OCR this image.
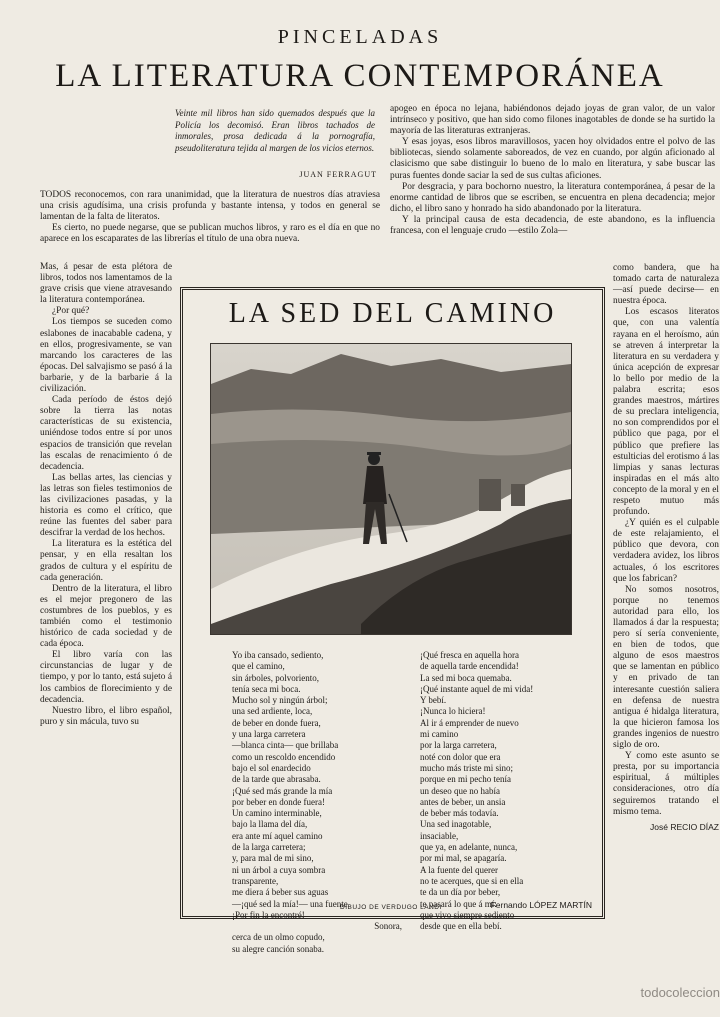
PINCELADAS
LA LITERATURA CONTEMPORÁNEA
Veinte mil libros han sido quemados después que la Policía los decomisó. Eran libros tachados de inmorales, prosa dedicada á la pornografía, pseudoliteratura tejida al margen de los vicios eternos.
JUAN FERRAGUT

TODOS reconocemos, con rara unanimidad, que la literatura de nuestros días atraviesa una crisis agudísima, una crisis profunda y bastante intensa, y todos en general se lamentan de la falta de literatos.

Es cierto, no puede negarse, que se publican muchos libros, y raro es el día en que no aparece en los escaparates de las librerías el título de una obra nueva.

apogeo en época no lejana, habiéndonos dejado joyas de gran valor, de un valor intrínseco y positivo, que han sido como filones inagotables de donde se ha surtido la mayoría de las literaturas extranjeras.

Y esas joyas, esos libros maravillosos, yacen hoy olvidados entre el polvo de las bibliotecas, siendo solamente saboreados, de vez en cuando, por algún aficionado al clasicismo que sabe distinguir lo bueno de lo malo en literatura, y sabe buscar las puras fuentes donde saciar la sed de sus cultas aficiones.

Por desgracia, y para bochorno nuestro, la literatura contemporánea, á pesar de la enorme cantidad de libros que se escriben, se encuentra en plena decadencia; mejor dicho, el libro sano y honrado ha sido abandonado por la literatura.

Y la principal causa de esta decadencia, de este abandono, es la influencia francesa, con el lenguaje crudo —estilo Zola—

Mas, á pesar de esta plétora de libros, todos nos lamentamos de la grave crisis que viene atravesando la literatura contemporánea.

¿Por qué?

Los tiempos se suceden como eslabones de inacabable cadena, y en ellos, progresivamente, se van marcando los caracteres de las épocas. Del salvajismo se pasó á la barbarie, y de la barbarie á la civilización.

Cada período de éstos dejó sobre la tierra las notas características de su existencia, uniéndose todos entre sí por unos espacios de transición que revelan las escalas de renacimiento ó de decadencia.

Las bellas artes, las ciencias y las letras son fieles testimonios de las civilizaciones pasadas, y la historia es como el crítico, que reúne las fuentes del saber para descifrar la verdad de los hechos.

La literatura es la estética del pensar, y en ella resaltan los grados de cultura y el espíritu de cada generación.

Dentro de la literatura, el libro es el mejor pregonero de las costumbres de los pueblos, y es también como el testimonio histórico de cada sociedad y de cada época.

El libro varía con las circunstancias de lugar y de tiempo, y por lo tanto, está sujeto á los cambios de florecimiento y de decadencia.

Nuestro libro, el libro español, puro y sin mácula, tuvo su

como bandera, que ha tomado carta de naturaleza —así puede decirse— en nuestra época.

Los escasos literatos que, con una valentía rayana en el heroísmo, aún se atreven á interpretar la literatura en su verdadera y única acepción de expresar lo bello por medio de la palabra escrita; esos grandes maestros, mártires de su preclara inteligencia, no son comprendidos por el público que paga, por el público que prefiere las estulticias del erotismo á las limpias y sanas lecturas inspiradas en el más alto concepto de la moral y en el respeto mutuo más profundo.

¿Y quién es el culpable de este relajamiento, el público que devora, con verdadera avidez, los libros actuales, ó los escritores que los fabrican?

No somos nosotros, porque no tenemos autoridad para ello, los llamados á dar la respuesta; pero sí sería conveniente, en bien de todos, que alguno de esos maestros que se lamentan en público y en privado de tan interesante cuestión saliera en defensa de nuestra antigua é hidalga literatura, la que hicieron famosa los grandes ingenios de nuestro siglo de oro.

Y como este asunto se presta, por su importancia espiritual, á múltiples consideraciones, otro día seguiremos tratando el mismo tema.

José RECIO DÍAZ

LA SED DEL CAMINO
Yo iba cansado, sediento,
que el camino,
sin árboles, polvoriento,
tenía seca mi boca.
Mucho sol y ningún árbol;
una sed ardiente, loca,
de beber en donde fuera,
y una larga carretera
—blanca cinta— que brillaba
como un rescoldo encendido
bajo el sol enardecido
de la tarde que abrasaba.
¡Qué sed más grande la mía
por beber en donde fuera!
Un camino interminable,
bajo la llama del día,
era ante mí aquel camino
de la larga carretera;
y, para mal de mi sino,
ni un árbol a cuya sombra
transparente,
me diera á beber sus aguas
—¡qué sed la mía!— una fuente
¡Por fin la encontré!
Sonora,
cerca de un olmo copudo,
su alegre canción sonaba.
¡Qué fresca en aquella hora
de aquella tarde encendida!
La sed mi boca quemaba.
¡Qué instante aquel de mi vida!
Y bebí.
¡Nunca lo hiciera!
Al ir á emprender de nuevo
mi camino
por la larga carretera,
noté con dolor que era
mucho más triste mi sino;
porque en mi pecho tenía
un deseo que no había
antes de beber, un ansia
de beber más todavía.
Una sed inagotable,
insaciable,
que ya, en adelante, nunca,
por mi mal, se apagaría.
A la fuente del querer
no te acerques, que si en ella
te da un día por beber,
te pasará lo que á mí:
que vivo siempre sediento
desde que en ella bebí.
DIBUJO DE VERDUGO LANDI	Fernando LÓPEZ MARTÍN
todocoleccion
